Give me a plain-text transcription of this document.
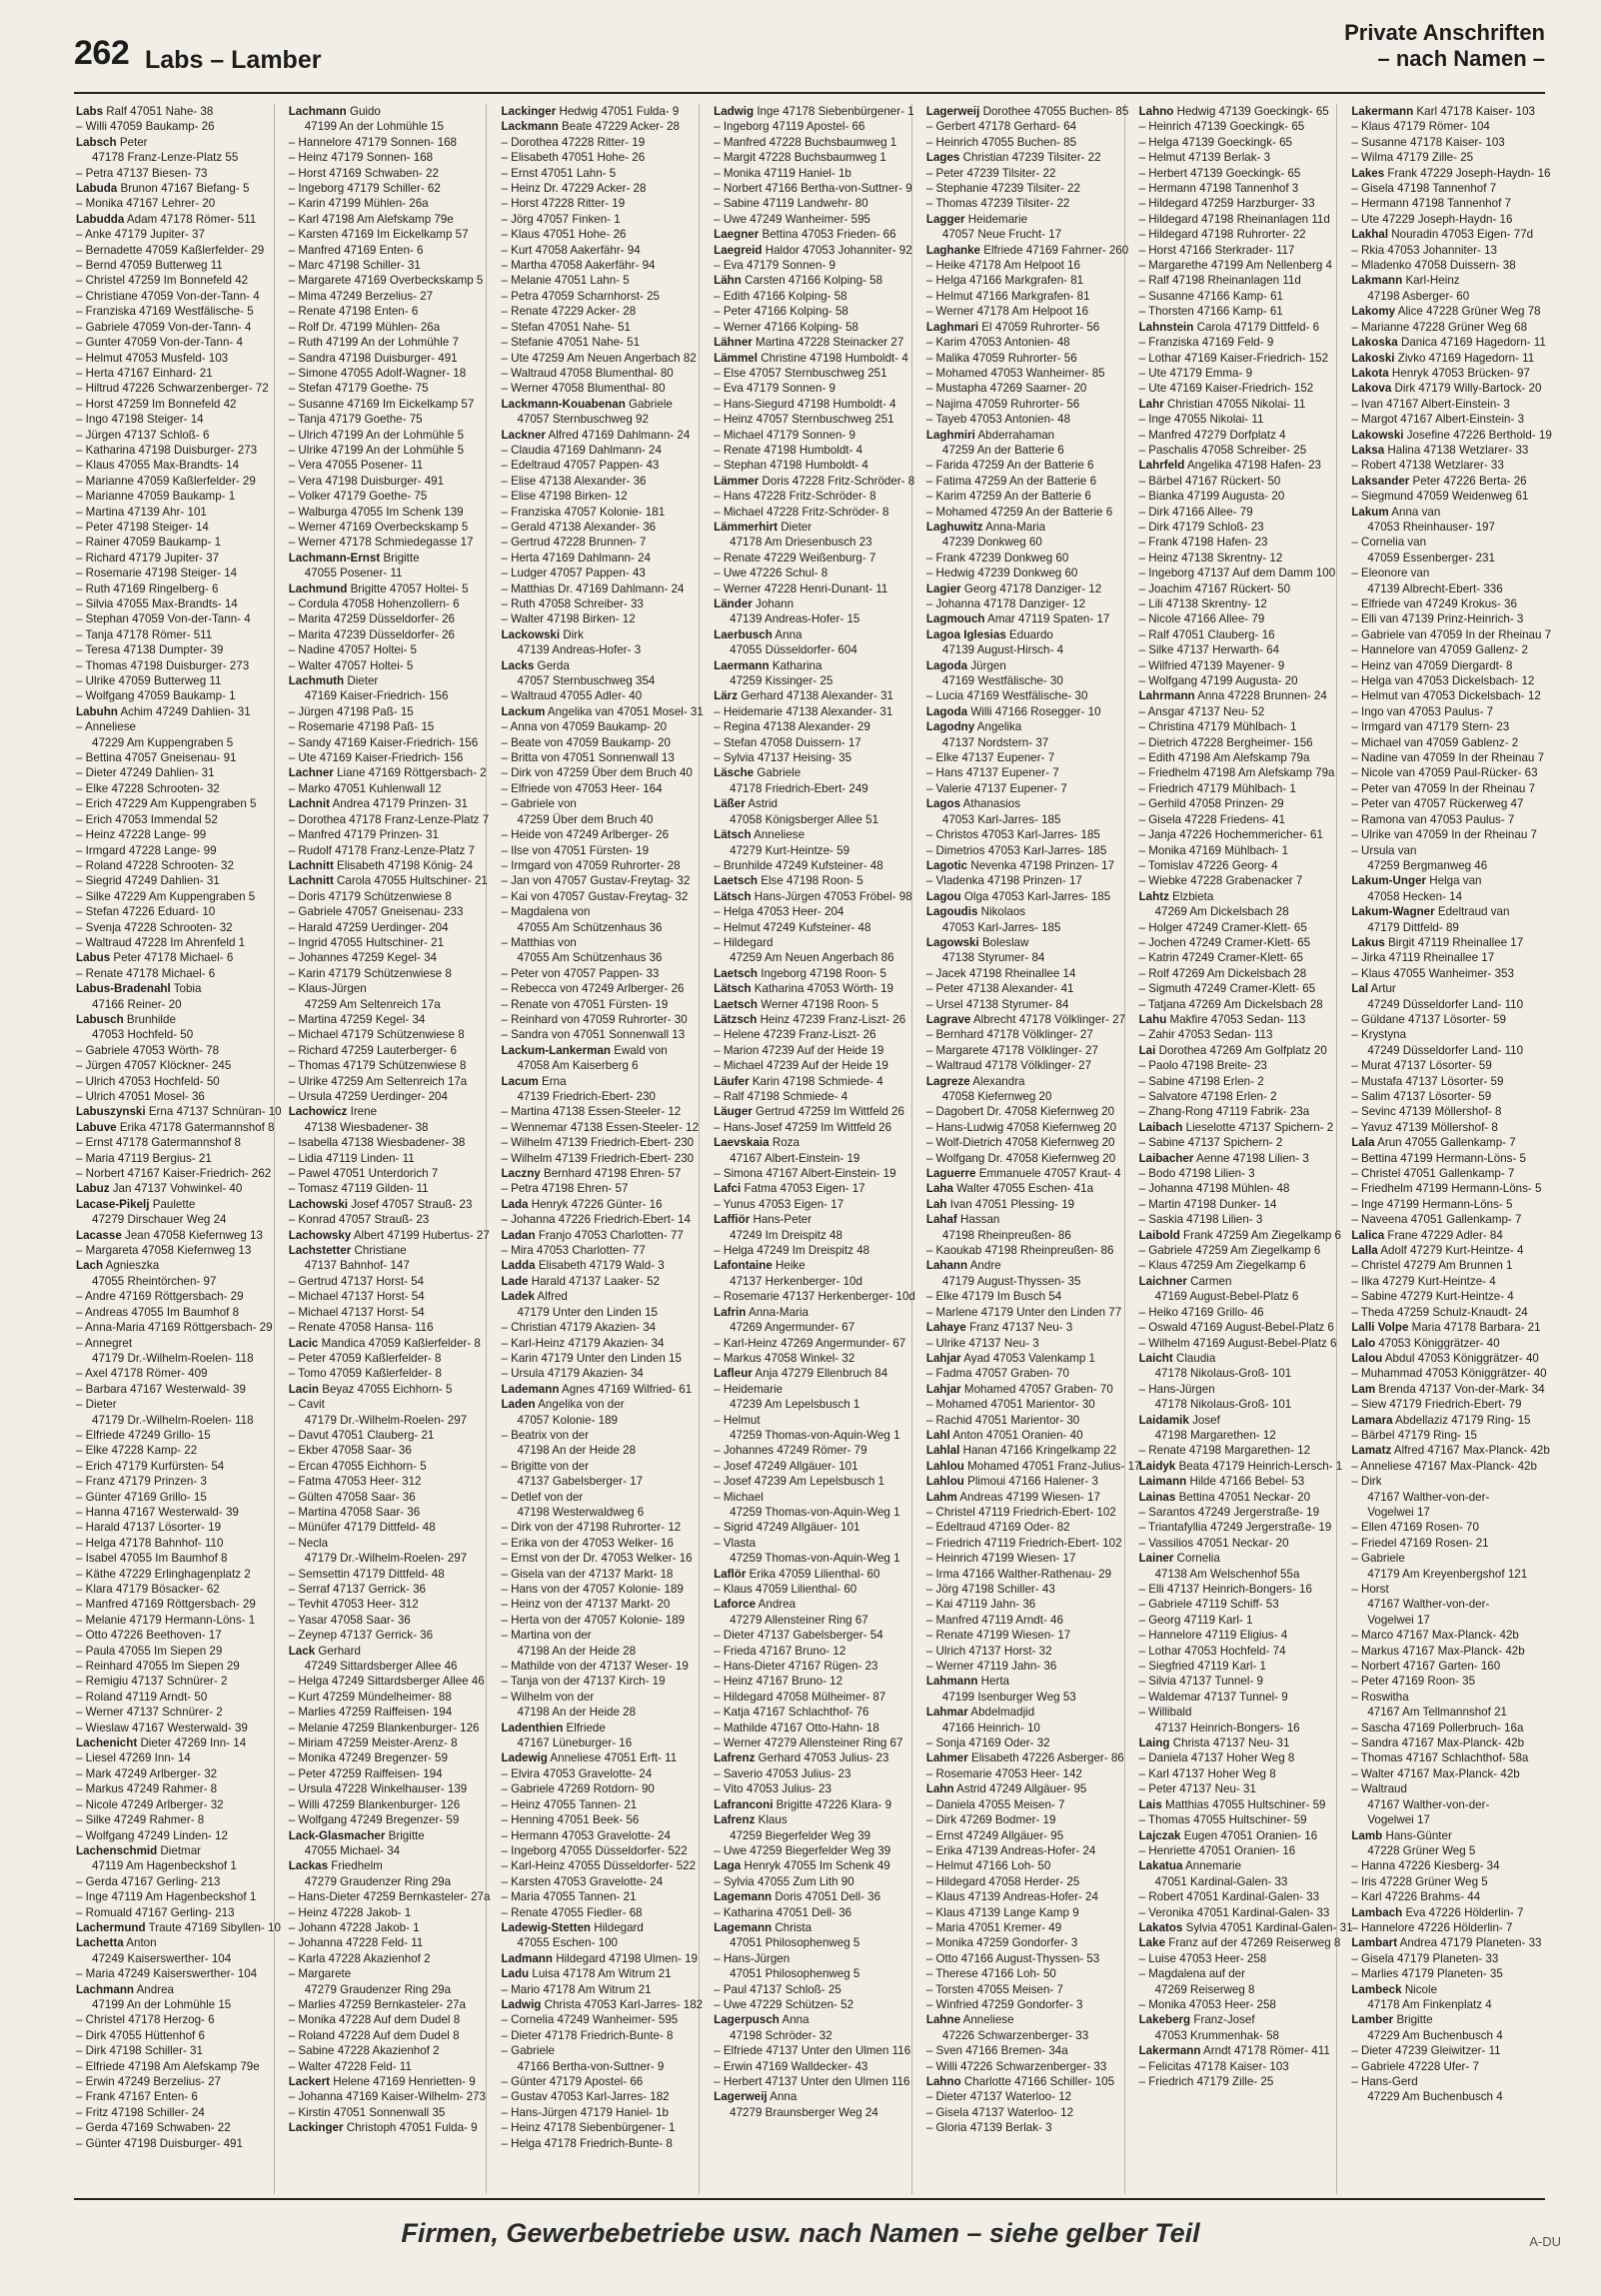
262 Labs – Lamber
Private Anschriften
– nach Namen –
Labs Ralf 47051 Nahe- 38
– Willi 47059 Baukamp- 26
Labsch Peter
47178 Franz-Lenze-Platz 55
– Petra 47137 Biesen- 73
Labuda Brunon 47167 Biefang- 5
– Monika 47167 Lehrer- 20
Labudda Adam 47178 Römer- 511
– Anke 47179 Jupiter- 37
– Bernadette 47059 Kaßlerfelder- 29
– Bernd 47059 Butterweg 11
– Christel 47259 Im Bonnefeld 42
– Christiane 47059 Von-der-Tann- 4
– Franziska 47169 Westfälische- 5
– Gabriele 47059 Von-der-Tann- 4
– Gunter 47059 Von-der-Tann- 4
– Helmut 47053 Musfeld- 103
– Herta 47167 Einhard- 21
– Hiltrud 47226 Schwarzenberger- 72
– Horst 47259 Im Bonnefeld 42
– Ingo 47198 Steiger- 14
– Jürgen 47137 Schloß- 6
– Katharina 47198 Duisburger- 273
– Klaus 47055 Max-Brandts- 14
– Marianne 47059 Kaßlerfelder- 29
– Marianne 47059 Baukamp- 1
– Martina 47139 Ahr- 101
– Peter 47198 Steiger- 14
– Rainer 47059 Baukamp- 1
– Richard 47179 Jupiter- 37
– Rosemarie 47198 Steiger- 14
– Ruth 47169 Ringelberg- 6
– Silvia 47055 Max-Brandts- 14
– Stephan 47059 Von-der-Tann- 4
– Tanja 47178 Römer- 511
– Teresa 47138 Dumpter- 39
– Thomas 47198 Duisburger- 273
– Ulrike 47059 Butterweg 11
– Wolfgang 47059 Baukamp- 1
Labuhn Achim 47249 Dahlien- 31
– Anneliese
47229 Am Kuppengraben 5
– Bettina 47057 Gneisenau- 91
– Dieter 47249 Dahlien- 31
– Elke 47228 Schrooten- 32
– Erich 47229 Am Kuppengraben 5
– Erich 47053 Immendal 52
– Heinz 47228 Lange- 99
– Irmgard 47228 Lange- 99
– Roland 47228 Schrooten- 32
– Siegrid 47249 Dahlien- 31
– Silke 47229 Am Kuppengraben 5
– Stefan 47226 Eduard- 10
– Svenja 47228 Schrooten- 32
– Waltraud 47228 Im Ahrenfeld 1
Labus Peter 47178 Michael- 6
– Renate 47178 Michael- 6
Labus-Bradenahl Tobia
47166 Reiner- 20
Labusch Brunhilde
47053 Hochfeld- 50
– Gabriele 47053 Wörth- 78
– Jürgen 47057 Klöckner- 245
– Ulrich 47053 Hochfeld- 50
– Ulrich 47051 Mosel- 36
Labuszynski Erna 47137 Schnüran- 10
Labuve Erika 47178 Gatermannshof 8
– Ernst 47178 Gatermannshof 8
– Maria 47119 Bergius- 21
– Norbert 47167 Kaiser-Friedrich- 262
Labuz Jan 47137 Vohwinkel- 40
Lacase-Pikelj Paulette
47279 Dirschauer Weg 24
Lacasse Jean 47058 Kiefernweg 13
– Margareta 47058 Kiefernweg 13
Lach Agnieszka
47055 Rheintörchen- 97
– Andre 47169 Röttgersbach- 29
– Andreas 47055 Im Baumhof 8
– Anna-Maria 47169 Röttgersbach- 29
– Annegret
47179 Dr.-Wilhelm-Roelen- 118
– Axel 47178 Römer- 409
– Barbara 47167 Westerwald- 39
– Dieter
47179 Dr.-Wilhelm-Roelen- 118
– Elfriede 47249 Grillo- 15
– Elke 47228 Kamp- 22
– Erich 47179 Kurfürsten- 54
– Franz 47179 Prinzen- 3
– Günter 47169 Grillo- 15
– Hanna 47167 Westerwald- 39
– Harald 47137 Lösorter- 19
– Helga 47178 Bahnhof- 110
– Isabel 47055 Im Baumhof 8
– Käthe 47229 Erlinghagenplatz 2
– Klara 47179 Bösacker- 62
– Manfred 47169 Röttgersbach- 29
– Melanie 47179 Hermann-Löns- 1
– Otto 47226 Beethoven- 17
– Paula 47055 Im Siepen 29
– Reinhard 47055 Im Siepen 29
– Remigiu 47137 Schnürer- 2
– Roland 47119 Arndt- 50
– Werner 47137 Schnürer- 2
– Wieslaw 47167 Westerwald- 39
Lachenicht Dieter 47269 Inn- 14
– Liesel 47269 Inn- 14
– Mark 47249 Arlberger- 32
– Markus 47249 Rahmer- 8
– Nicole 47249 Arlberger- 32
– Silke 47249 Rahmer- 8
– Wolfgang 47249 Linden- 12
Lachenschmid Dietmar
47119 Am Hagenbeckshof 1
– Gerda 47167 Gerling- 213
– Inge 47119 Am Hagenbeckshof 1
– Romuald 47167 Gerling- 213
Lachermund Traute 47169 Sibyllen- 10
Lachetta Anton
47249 Kaiserswerther- 104
– Maria 47249 Kaiserswerther- 104
Lachmann Andrea
47199 An der Lohmühle 15
– Christel 47178 Herzog- 6
– Dirk 47055 Hüttenhof 6
– Dirk 47198 Schiller- 31
– Elfriede 47198 Am Alefskamp 79e
– Erwin 47249 Berzelius- 27
– Frank 47167 Enten- 6
– Fritz 47198 Schiller- 24
– Gerda 47169 Schwaben- 22
– Günter 47198 Duisburger- 491
Lachmann Guido
47199 An der Lohmühle 15
– Hannelore 47179 Sonnen- 168
– Heinz 47179 Sonnen- 168
– Horst 47169 Schwaben- 22
– Ingeborg 47179 Schiller- 62
– Karin 47199 Mühlen- 26a
– Karl 47198 Am Alefskamp 79e
– Karsten 47169 Im Eickelkamp 57
– Manfred 47169 Enten- 6
– Marc 47198 Schiller- 31
– Margarete 47169 Overbeckskamp 5
– Mima 47249 Berzelius- 27
– Renate 47198 Enten- 6
– Rolf Dr. 47199 Mühlen- 26a
– Ruth 47199 An der Lohmühle 7
– Sandra 47198 Duisburger- 491
– Simone 47055 Adolf-Wagner- 18
– Stefan 47179 Goethe- 75
– Susanne 47169 Im Eickelkamp 57
– Tanja 47179 Goethe- 75
– Ulrich 47199 An der Lohmühle 5
– Ulrike 47199 An der Lohmühle 5
– Vera 47055 Posener- 11
– Vera 47198 Duisburger- 491
– Volker 47179 Goethe- 75
– Walburga 47055 Im Schenk 139
– Werner 47169 Overbeckskamp 5
– Werner 47178 Schmiedegasse 17
Lachmann-Ernst Brigitte
47055 Posener- 11
Lachmund Brigitte 47057 Holtei- 5
– Cordula 47058 Hohenzollern- 6
– Marita 47259 Düsseldorfer- 26
– Marita 47239 Düsseldorfer- 26
– Nadine 47057 Holtei- 5
– Walter 47057 Holtei- 5
Lachmuth Dieter
47169 Kaiser-Friedrich- 156
– Jürgen 47198 Paß- 15
– Rosemarie 47198 Paß- 15
– Sandy 47169 Kaiser-Friedrich- 156
– Ute 47169 Kaiser-Friedrich- 156
Lachner Liane 47169 Röttgersbach- 2
– Marko 47051 Kuhlenwall 12
Lachnit Andrea 47179 Prinzen- 31
– Dorothea 47178 Franz-Lenze-Platz 7
– Manfred 47179 Prinzen- 31
– Rudolf 47178 Franz-Lenze-Platz 7
Lachnitt Elisabeth 47198 König- 24
Lachnitt Carola 47055 Hultschiner- 21
– Doris 47179 Schützenwiese 8
– Gabriele 47057 Gneisenau- 233
– Harald 47259 Uerdinger- 204
– Ingrid 47055 Hultschiner- 21
– Johannes 47259 Kegel- 34
– Karin 47179 Schützenwiese 8
– Klaus-Jürgen
47259 Am Seltenreich 17a
– Martina 47259 Kegel- 34
– Michael 47179 Schützenwiese 8
– Richard 47259 Lauterberger- 6
– Thomas 47179 Schützenwiese 8
– Ulrike 47259 Am Seltenreich 17a
– Ursula 47259 Uerdinger- 204
Lachowicz Irene
47138 Wiesbadener- 38
– Isabella 47138 Wiesbadener- 38
– Lidia 47119 Linden- 11
– Pawel 47051 Unterdorich 7
– Tomasz 47119 Gilden- 11
Lachowski Josef 47057 Strauß- 23
– Konrad 47057 Strauß- 23
Lachowsky Albert 47199 Hubertus- 27
Lachstetter Christiane
47137 Bahnhof- 147
– Gertrud 47137 Horst- 54
– Michael 47137 Horst- 54
– Michael 47137 Horst- 54
– Renate 47058 Hansa- 116
Lacic Mandica 47059 Kaßlerfelder- 8
– Peter 47059 Kaßlerfelder- 8
– Tomo 47059 Kaßlerfelder- 8
Lacin Beyaz 47055 Eichhorn- 5
– Cavit
47179 Dr.-Wilhelm-Roelen- 297
– Davut 47051 Clauberg- 21
– Ekber 47058 Saar- 36
– Ercan 47055 Eichhorn- 5
– Fatma 47053 Heer- 312
– Gülten 47058 Saar- 36
– Martina 47058 Saar- 36
– Münüfer 47179 Dittfeld- 48
– Necla
47179 Dr.-Wilhelm-Roelen- 297
– Semsettin 47179 Dittfeld- 48
– Serraf 47137 Gerrick- 36
– Tevhit 47053 Heer- 312
– Yasar 47058 Saar- 36
– Zeynep 47137 Gerrick- 36
Lack Gerhard
47249 Sittardsberger Allee 46
– Helga 47249 Sittardsberger Allee 46
– Kurt 47259 Mündelheimer- 88
– Marlies 47259 Raiffeisen- 194
– Melanie 47259 Blankenburger- 126
– Miriam 47259 Meister-Arenz- 8
– Monika 47249 Bregenzer- 59
– Peter 47259 Raiffeisen- 194
– Ursula 47228 Winkelhauser- 139
– Willi 47259 Blankenburger- 126
– Wolfgang 47249 Bregenzer- 59
Lack-Glasmacher Brigitte
47055 Michael- 34
Lackas Friedhelm
47279 Graudenzer Ring 29a
– Hans-Dieter 47259 Bernkasteler- 27a
– Heinz 47228 Jakob- 1
– Johann 47228 Jakob- 1
– Johanna 47228 Feld- 11
– Karla 47228 Akazienhof 2
– Margarete
47279 Graudenzer Ring 29a
– Marlies 47259 Bernkasteler- 27a
– Monika 47228 Auf dem Dudel 8
– Roland 47228 Auf dem Dudel 8
– Sabine 47228 Akazienhof 2
– Walter 47228 Feld- 11
Lackert Helene 47169 Henrietten- 9
– Johanna 47169 Kaiser-Wilhelm- 273
– Kirstin 47051 Sonnenwall 35
Lackinger Christoph 47051 Fulda- 9
Lackinger Hedwig 47051 Fulda- 9
Lackmann Beate 47229 Acker- 28
– Dorothea 47228 Ritter- 19
– Elisabeth 47051 Hohe- 26
– Ernst 47051 Lahn- 5
– Heinz Dr. 47229 Acker- 28
– Horst 47228 Ritter- 19
– Jörg 47057 Finken- 1
– Klaus 47051 Hohe- 26
– Kurt 47058 Aakerfähr- 94
– Martha 47058 Aakerfähr- 94
– Melanie 47051 Lahn- 5
– Petra 47059 Scharnhorst- 25
– Renate 47229 Acker- 28
– Stefan 47051 Nahe- 51
– Stefanie 47051 Nahe- 51
– Ute 47259 Am Neuen Angerbach 82
– Waltraud 47058 Blumenthal- 80
– Werner 47058 Blumenthal- 80
Lackmann-Kouabenan Gabriele
47057 Sternbuschweg 92
Lackner Alfred 47169 Dahlmann- 24
– Claudia 47169 Dahlmann- 24
– Edeltraud 47057 Pappen- 43
– Elise 47138 Alexander- 36
– Elise 47198 Birken- 12
– Franziska 47057 Kolonie- 181
– Gerald 47138 Alexander- 36
– Gertrud 47228 Brunnen- 7
– Herta 47169 Dahlmann- 24
– Ludger 47057 Pappen- 43
– Matthias Dr. 47169 Dahlmann- 24
– Ruth 47058 Schreiber- 33
– Walter 47198 Birken- 12
Lackowski Dirk
47139 Andreas-Hofer- 3
Lacks Gerda
47057 Sternbuschweg 354
– Waltraud 47055 Adler- 40
Lackum Angelika van 47051 Mosel- 31
– Anna von 47059 Baukamp- 20
– Beate von 47059 Baukamp- 20
– Britta von 47051 Sonnenwall 13
– Dirk von 47259 Über dem Bruch 40
– Elfriede von 47053 Heer- 164
– Gabriele von
47259 Über dem Bruch 40
– Heide von 47249 Arlberger- 26
– Ilse von 47051 Fürsten- 19
– Irmgard von 47059 Ruhrorter- 28
– Jan von 47057 Gustav-Freytag- 32
– Kai von 47057 Gustav-Freytag- 32
– Magdalena von
47055 Am Schützenhaus 36
– Matthias von
47055 Am Schützenhaus 36
– Peter von 47057 Pappen- 33
– Rebecca von 47249 Arlberger- 26
– Renate von 47051 Fürsten- 19
– Reinhard von 47059 Ruhrorter- 30
– Sandra von 47051 Sonnenwall 13
Lackum-Lankerman Ewald von
47058 Am Kaiserberg 6
Lacum Erna
47139 Friedrich-Ebert- 230
– Martina 47138 Essen-Steeler- 12
– Wennemar 47138 Essen-Steeler- 12
– Wilhelm 47139 Friedrich-Ebert- 230
– Wilhelm 47139 Friedrich-Ebert- 230
Laczny Bernhard 47198 Ehren- 57
– Petra 47198 Ehren- 57
Lada Henryk 47226 Günter- 16
– Johanna 47226 Friedrich-Ebert- 14
Ladan Franjo 47053 Charlotten- 77
– Mira 47053 Charlotten- 77
Ladda Elisabeth 47179 Wald- 3
Lade Harald 47137 Laaker- 52
Ladek Alfred
47179 Unter den Linden 15
– Christian 47179 Akazien- 34
– Karl-Heinz 47179 Akazien- 34
– Karin 47179 Unter den Linden 15
– Ursula 47179 Akazien- 34
Lademann Agnes 47169 Wilfried- 61
Laden Angelika von der
47057 Kolonie- 189
– Beatrix von der
47198 An der Heide 28
– Brigitte von der
47137 Gabelsberger- 17
– Detlef von der
47198 Westerwaldweg 6
– Dirk von der 47198 Ruhrorter- 12
– Erika von der 47053 Welker- 16
– Ernst von der Dr. 47053 Welker- 16
– Gisela van der 47137 Markt- 18
– Hans von der 47057 Kolonie- 189
– Heinz von der 47137 Markt- 20
– Herta von der 47057 Kolonie- 189
– Martina von der
47198 An der Heide 28
– Mathilde von der 47137 Weser- 19
– Tanja von der 47137 Kirch- 19
– Wilhelm von der
47198 An der Heide 28
Ladenthien Elfriede
47167 Lüneburger- 16
Ladewig Anneliese 47051 Erft- 11
– Elvira 47053 Gravelotte- 24
– Gabriele 47269 Rotdorn- 90
– Heinz 47055 Tannen- 21
– Henning 47051 Beek- 56
– Hermann 47053 Gravelotte- 24
– Ingeborg 47055 Düsseldorfer- 522
– Karl-Heinz 47055 Düsseldorfer- 522
– Karsten 47053 Gravelotte- 24
– Maria 47055 Tannen- 21
– Renate 47055 Fiedler- 68
Ladewig-Stetten Hildegard
47055 Eschen- 100
Ladmann Hildegard 47198 Ulmen- 19
Ladu Luisa 47178 Am Witrum 21
– Mario 47178 Am Witrum 21
Ladwig Christa 47053 Karl-Jarres- 182
– Cornelia 47249 Wanheimer- 595
– Dieter 47178 Friedrich-Bunte- 8
– Gabriele
47166 Bertha-von-Suttner- 9
– Günter 47179 Apostel- 66
– Gustav 47053 Karl-Jarres- 182
– Hans-Jürgen 47179 Haniel- 1b
– Heinz 47178 Siebenbürgener- 1
– Helga 47178 Friedrich-Bunte- 8
Ladwig Inge 47178 Siebenbürgener- 1
– Ingeborg 47119 Apostel- 66
– Manfred 47228 Buchsbaumweg 1
– Margit 47228 Buchsbaumweg 1
– Monika 47119 Haniel- 1b
– Norbert 47166 Bertha-von-Suttner- 9
– Sabine 47119 Landwehr- 80
– Uwe 47249 Wanheimer- 595
Laegner Bettina 47053 Frieden- 66
Laegreid Haldor 47053 Johanniter- 92
– Eva 47179 Sonnen- 9
Lähn Carsten 47166 Kolping- 58
– Edith 47166 Kolping- 58
– Peter 47166 Kolping- 58
– Werner 47166 Kolping- 58
Lähner Martina 47228 Steinacker 27
Lämmel Christine 47198 Humboldt- 4
– Else 47057 Sternbuschweg 251
– Eva 47179 Sonnen- 9
– Hans-Siegurd 47198 Humboldt- 4
– Heinz 47057 Sternbuschweg 251
– Michael 47179 Sonnen- 9
– Renate 47198 Humboldt- 4
– Stephan 47198 Humboldt- 4
Lämmer Doris 47228 Fritz-Schröder- 8
– Hans 47228 Fritz-Schröder- 8
– Michael 47228 Fritz-Schröder- 8
Lämmerhirt Dieter
47178 Am Driesenbusch 23
– Renate 47229 Weißenburg- 7
– Uwe 47226 Schul- 8
– Werner 47228 Henri-Dunant- 11
Länder Johann
47139 Andreas-Hofer- 15
Laerbusch Anna
47055 Düsseldorfer- 604
Laermann Katharina
47259 Kissinger- 25
Lärz Gerhard 47138 Alexander- 31
– Heidemarie 47138 Alexander- 31
– Regina 47138 Alexander- 29
– Stefan 47058 Duissern- 17
– Sylvia 47137 Heising- 35
Läsche Gabriele
47178 Friedrich-Ebert- 249
Läßer Astrid
47058 Königsberger Allee 51
Lätsch Anneliese
47279 Kurt-Heintze- 59
– Brunhilde 47249 Kufsteiner- 48
Laetsch Else 47198 Roon- 5
Lätsch Hans-Jürgen 47053 Fröbel- 98
– Helga 47053 Heer- 204
– Helmut 47249 Kufsteiner- 48
– Hildegard
47259 Am Neuen Angerbach 86
Laetsch Ingeborg 47198 Roon- 5
Lätsch Katharina 47053 Wörth- 19
Laetsch Werner 47198 Roon- 5
Lätzsch Heinz 47239 Franz-Liszt- 26
– Helene 47239 Franz-Liszt- 26
– Marion 47239 Auf der Heide 19
– Michael 47239 Auf der Heide 19
Läufer Karin 47198 Schmiede- 4
– Ralf 47198 Schmiede- 4
Läuger Gertrud 47259 Im Wittfeld 26
– Hans-Josef 47259 Im Wittfeld 26
Laevskaia Roza
47167 Albert-Einstein- 19
– Simona 47167 Albert-Einstein- 19
Lafci Fatma 47053 Eigen- 17
– Yunus 47053 Eigen- 17
Laffiör Hans-Peter
47249 Im Dreispitz 48
– Helga 47249 Im Dreispitz 48
Lafontaine Heike
47137 Herkenberger- 10d
– Rosemarie 47137 Herkenberger- 10d
Lafrin Anna-Maria
47269 Angermunder- 67
– Karl-Heinz 47269 Angermunder- 67
– Markus 47058 Winkel- 32
Lafleur Anja 47279 Ellenbruch 84
– Heidemarie
47239 Am Lepelsbusch 1
– Helmut
47259 Thomas-von-Aquin-Weg 1
– Johannes 47249 Römer- 79
– Josef 47249 Allgäuer- 101
– Josef 47239 Am Lepelsbusch 1
– Michael
47259 Thomas-von-Aquin-Weg 1
– Sigrid 47249 Allgäuer- 101
– Vlasta
47259 Thomas-von-Aquin-Weg 1
Laflör Erika 47059 Lilienthal- 60
– Klaus 47059 Lilienthal- 60
Laforce Andrea
47279 Allensteiner Ring 67
– Dieter 47137 Gabelsberger- 54
– Frieda 47167 Bruno- 12
– Hans-Dieter 47167 Rügen- 23
– Heinz 47167 Bruno- 12
– Hildegard 47058 Mülheimer- 87
– Katja 47167 Schlachthof- 76
– Mathilde 47167 Otto-Hahn- 18
– Werner 47279 Allensteiner Ring 67
Lafrenz Gerhard 47053 Julius- 23
– Saverio 47053 Julius- 23
– Vito 47053 Julius- 23
Lafranconi Brigitte 47226 Klara- 9
Lafrenz Klaus
47259 Biegerfelder Weg 39
– Uwe 47259 Biegerfelder Weg 39
Laga Henryk 47055 Im Schenk 49
– Sylvia 47055 Zum Lith 90
Lagemann Doris 47051 Dell- 36
– Katharina 47051 Dell- 36
Lagemann Christa
47051 Philosophenweg 5
– Hans-Jürgen
47051 Philosophenweg 5
– Paul 47137 Schloß- 25
– Uwe 47229 Schützen- 52
Lagerpusch Anna
47198 Schröder- 32
– Elfriede 47137 Unter den Ulmen 116
– Erwin 47169 Walldecker- 43
– Herbert 47137 Unter den Ulmen 116
Lagerweij Anna
47279 Braunsberger Weg 24
Lagerweij Dorothee 47055 Buchen- 85
– Gerbert 47178 Gerhard- 64
– Heinrich 47055 Buchen- 85
Lages Christian 47239 Tilsiter- 22
– Peter 47239 Tilsiter- 22
– Stephanie 47239 Tilsiter- 22
– Thomas 47239 Tilsiter- 22
Lagger Heidemarie
47057 Neue Frucht- 17
Laghanke Elfriede 47169 Fahrner- 260
– Heike 47178 Am Helpoot 16
– Helga 47166 Markgrafen- 81
– Helmut 47166 Markgrafen- 81
– Werner 47178 Am Helpoot 16
Laghmari El 47059 Ruhrorter- 56
– Karim 47053 Antonien- 48
– Malika 47059 Ruhrorter- 56
– Mohamed 47053 Wanheimer- 85
– Mustapha 47269 Saarner- 20
– Najima 47059 Ruhrorter- 56
– Tayeb 47053 Antonien- 48
Laghmiri Abderrahaman
47259 An der Batterie 6
– Farida 47259 An der Batterie 6
– Fatima 47259 An der Batterie 6
– Karim 47259 An der Batterie 6
– Mohamed 47259 An der Batterie 6
Laghuwitz Anna-Maria
47239 Donkweg 60
– Frank 47239 Donkweg 60
– Hedwig 47239 Donkweg 60
Lagier Georg 47178 Danziger- 12
– Johanna 47178 Danziger- 12
Lagmouch Amar 47119 Spaten- 17
Lagoa Iglesias Eduardo
47139 August-Hirsch- 4
Lagoda Jürgen
47169 Westfälische- 30
– Lucia 47169 Westfälische- 30
Lagoda Willi 47166 Rosegger- 10
Lagodny Angelika
47137 Nordstern- 37
– Elke 47137 Eupener- 7
– Hans 47137 Eupener- 7
– Valerie 47137 Eupener- 7
Lagos Athanasios
47053 Karl-Jarres- 185
– Christos 47053 Karl-Jarres- 185
– Dimetrios 47053 Karl-Jarres- 185
Lagotic Nevenka 47198 Prinzen- 17
– Vladenka 47198 Prinzen- 17
Lagou Olga 47053 Karl-Jarres- 185
Lagoudis Nikolaos
47053 Karl-Jarres- 185
Lagowski Boleslaw
47138 Styrumer- 84
– Jacek 47198 Rheinallee 14
– Peter 47138 Alexander- 41
– Ursel 47138 Styrumer- 84
Lagrave Albrecht 47178 Völklinger- 27
– Bernhard 47178 Völklinger- 27
– Margarete 47178 Völklinger- 27
– Waltraud 47178 Völklinger- 27
Lagreze Alexandra
47058 Kiefernweg 20
– Dagobert Dr. 47058 Kiefernweg 20
– Hans-Ludwig 47058 Kiefernweg 20
– Wolf-Dietrich 47058 Kiefernweg 20
– Wolfgang Dr. 47058 Kiefernweg 20
Laguerre Emmanuele 47057 Kraut- 4
Laha Walter 47055 Eschen- 41a
Lah Ivan 47051 Plessing- 19
Lahaf Hassan
47198 Rheinpreußen- 86
– Kaoukab 47198 Rheinpreußen- 86
Lahann Andre
47179 August-Thyssen- 35
– Elke 47179 Im Busch 54
– Marlene 47179 Unter den Linden 77
Lahaye Franz 47137 Neu- 3
– Ulrike 47137 Neu- 3
Lahjar Ayad 47053 Valenkamp 1
– Fadma 47057 Graben- 70
Lahjar Mohamed 47057 Graben- 70
– Mohamed 47051 Marientor- 30
– Rachid 47051 Marientor- 30
Lahl Anton 47051 Oranien- 40
Lahlal Hanan 47166 Kringelkamp 22
Lahlou Mohamed 47051 Franz-Julius- 17
Lahlou Plimoui 47166 Halener- 3
Lahm Andreas 47199 Wiesen- 17
– Christel 47119 Friedrich-Ebert- 102
– Edeltraud 47169 Oder- 82
– Friedrich 47119 Friedrich-Ebert- 102
– Heinrich 47199 Wiesen- 17
– Irma 47166 Walther-Rathenau- 29
– Jörg 47198 Schiller- 43
– Kai 47119 Jahn- 36
– Manfred 47119 Arndt- 46
– Renate 47199 Wiesen- 17
– Ulrich 47137 Horst- 32
– Werner 47119 Jahn- 36
Lahmann Herta
47199 Isenburger Weg 53
Lahmar Abdelmadjid
47166 Heinrich- 10
– Sonja 47169 Oder- 32
Lahmer Elisabeth 47226 Asberger- 86
– Rosemarie 47053 Heer- 142
Lahn Astrid 47249 Allgäuer- 95
– Daniela 47055 Meisen- 7
– Dirk 47269 Bodmer- 19
– Ernst 47249 Allgäuer- 95
– Erika 47139 Andreas-Hofer- 24
– Helmut 47166 Loh- 50
– Hildegard 47058 Herder- 25
– Klaus 47139 Andreas-Hofer- 24
– Klaus 47139 Lange Kamp 9
– Maria 47051 Kremer- 49
– Monika 47259 Gondorfer- 3
– Otto 47166 August-Thyssen- 53
– Therese 47166 Loh- 50
– Torsten 47055 Meisen- 7
– Winfried 47259 Gondorfer- 3
Lahne Anneliese
47226 Schwarzenberger- 33
– Sven 47166 Bremen- 34a
– Willi 47226 Schwarzenberger- 33
Lahno Charlotte 47166 Schiller- 105
– Dieter 47137 Waterloo- 12
– Gisela 47137 Waterloo- 12
– Gloria 47139 Berlak- 3
Lahno Hedwig 47139 Goeckingk- 65
– Heinrich 47139 Goeckingk- 65
– Helga 47139 Goeckingk- 65
– Helmut 47139 Berlak- 3
– Herbert 47139 Goeckingk- 65
– Hermann 47198 Tannenhof 3
– Hildegard 47259 Harzburger- 33
– Hildegard 47198 Rheinanlagen 11d
– Hildegard 47198 Ruhrorter- 22
– Horst 47166 Sterkrader- 117
– Margarethe 47199 Am Nellenberg 4
– Ralf 47198 Rheinanlagen 11d
– Susanne 47166 Kamp- 61
– Thorsten 47166 Kamp- 61
Lahnstein Carola 47179 Dittfeld- 6
– Franziska 47169 Feld- 9
– Lothar 47169 Kaiser-Friedrich- 152
– Ute 47179 Emma- 9
– Ute 47169 Kaiser-Friedrich- 152
Lahr Christian 47055 Nikolai- 11
– Inge 47055 Nikolai- 11
– Manfred 47279 Dorfplatz 4
– Paschalis 47058 Schreiber- 25
Lahrfeld Angelika 47198 Hafen- 23
– Bärbel 47167 Rückert- 50
– Bianka 47199 Augusta- 20
– Dirk 47166 Allee- 79
– Dirk 47179 Schloß- 23
– Frank 47198 Hafen- 23
– Heinz 47138 Skrentny- 12
– Ingeborg 47137 Auf dem Damm 100
– Joachim 47167 Rückert- 50
– Lili 47138 Skrentny- 12
– Nicole 47166 Allee- 79
– Ralf 47051 Clauberg- 16
– Silke 47137 Herwarth- 64
– Wilfried 47139 Mayener- 9
– Wolfgang 47199 Augusta- 20
Lahrmann Anna 47228 Brunnen- 24
– Ansgar 47137 Neu- 52
– Christina 47179 Mühlbach- 1
– Dietrich 47228 Bergheimer- 156
– Edith 47198 Am Alefskamp 79a
– Friedhelm 47198 Am Alefskamp 79a
– Friedrich 47179 Mühlbach- 1
– Gerhild 47058 Prinzen- 29
– Gisela 47228 Friedens- 41
– Janja 47226 Hochemmericher- 61
– Monika 47169 Mühlbach- 1
– Tomislav 47226 Georg- 4
– Wiebke 47228 Grabenacker 7
Lahtz Elzbieta
47269 Am Dickelsbach 28
– Holger 47249 Cramer-Klett- 65
– Jochen 47249 Cramer-Klett- 65
– Katrin 47249 Cramer-Klett- 65
– Rolf 47269 Am Dickelsbach 28
– Sigmuth 47249 Cramer-Klett- 65
– Tatjana 47269 Am Dickelsbach 28
Lahu Makfire 47053 Sedan- 113
– Zahir 47053 Sedan- 113
Lai Dorothea 47269 Am Golfplatz 20
– Paolo 47198 Breite- 23
– Sabine 47198 Erlen- 2
– Salvatore 47198 Erlen- 2
– Zhang-Rong 47119 Fabrik- 23a
Laibach Lieselotte 47137 Spichern- 2
– Sabine 47137 Spichern- 2
Laibacher Aenne 47198 Lilien- 3
– Bodo 47198 Lilien- 3
– Johanna 47198 Mühlen- 48
– Martin 47198 Dunker- 14
– Saskia 47198 Lilien- 3
Laibold Frank 47259 Am Ziegelkamp 6
– Gabriele 47259 Am Ziegelkamp 6
– Klaus 47259 Am Ziegelkamp 6
Laichner Carmen
47169 August-Bebel-Platz 6
– Heiko 47169 Grillo- 46
– Oswald 47169 August-Bebel-Platz 6
– Wilhelm 47169 August-Bebel-Platz 6
Laicht Claudia
47178 Nikolaus-Groß- 101
– Hans-Jürgen
47178 Nikolaus-Groß- 101
Laidamik Josef
47198 Margarethen- 12
– Renate 47198 Margarethen- 12
Laidyk Beata 47179 Heinrich-Lersch- 1
Laimann Hilde 47166 Bebel- 53
Lainas Bettina 47051 Neckar- 20
– Sarantos 47249 Jergerstraße- 19
– Triantafyllia 47249 Jergerstraße- 19
– Vassilios 47051 Neckar- 20
Lainer Cornelia
47138 Am Welschenhof 55a
– Elli 47137 Heinrich-Bongers- 16
– Gabriele 47119 Schiff- 53
– Georg 47119 Karl- 1
– Hannelore 47119 Eligius- 4
– Lothar 47053 Hochfeld- 74
– Siegfried 47119 Karl- 1
– Silvia 47137 Tunnel- 9
– Waldemar 47137 Tunnel- 9
– Willibald
47137 Heinrich-Bongers- 16
Laing Christa 47137 Neu- 31
– Daniela 47137 Hoher Weg 8
– Karl 47137 Hoher Weg 8
– Peter 47137 Neu- 31
Lais Matthias 47055 Hultschiner- 59
– Thomas 47055 Hultschiner- 59
Lajczak Eugen 47051 Oranien- 16
– Henriette 47051 Oranien- 16
Lakatua Annemarie
47051 Kardinal-Galen- 33
– Robert 47051 Kardinal-Galen- 33
– Veronika 47051 Kardinal-Galen- 33
Lakatos Sylvia 47051 Kardinal-Galen- 31
Lake Franz auf der 47269 Reiserweg 8
– Luise 47053 Heer- 258
– Magdalena auf der
47269 Reiserweg 8
– Monika 47053 Heer- 258
Lakeberg Franz-Josef
47053 Krummenhak- 58
Lakermann Arndt 47178 Römer- 411
– Felicitas 47178 Kaiser- 103
– Friedrich 47179 Zille- 25
Lakermann Karl 47178 Kaiser- 103
– Klaus 47179 Römer- 104
– Susanne 47178 Kaiser- 103
– Wilma 47179 Zille- 25
Lakes Frank 47229 Joseph-Haydn- 16
– Gisela 47198 Tannenhof 7
– Hermann 47198 Tannenhof 7
– Ute 47229 Joseph-Haydn- 16
Lakhal Nouradin 47053 Eigen- 77d
– Rkia 47053 Johanniter- 13
– Mladenko 47058 Duissern- 38
Lakmann Karl-Heinz
47198 Asberger- 60
Lakomy Alice 47228 Grüner Weg 78
– Marianne 47228 Grüner Weg 68
Lakoska Danica 47169 Hagedorn- 11
Lakoski Zivko 47169 Hagedorn- 11
Lakota Henryk 47053 Brücken- 97
Lakova Dirk 47179 Willy-Bartock- 20
– Ivan 47167 Albert-Einstein- 3
– Margot 47167 Albert-Einstein- 3
Lakowski Josefine 47226 Berthold- 19
Laksa Halina 47138 Wetzlarer- 33
– Robert 47138 Wetzlarer- 33
Laksander Peter 47226 Berta- 26
– Siegmund 47059 Weidenweg 61
Lakum Anna van
47053 Rheinhauser- 197
– Cornelia van
47059 Essenberger- 231
– Eleonore van
47139 Albrecht-Ebert- 336
– Elfriede van 47249 Krokus- 36
– Elli van 47139 Prinz-Heinrich- 3
– Gabriele van 47059 In der Rheinau 7
– Hannelore van 47059 Gallenz- 2
– Heinz van 47059 Diergardt- 8
– Helga van 47053 Dickelsbach- 12
– Helmut van 47053 Dickelsbach- 12
– Ingo van 47053 Paulus- 7
– Irmgard van 47179 Stern- 23
– Michael van 47059 Gablenz- 2
– Nadine van 47059 In der Rheinau 7
– Nicole van 47059 Paul-Rücker- 63
– Peter van 47059 In der Rheinau 7
– Peter van 47057 Rückerweg 47
– Ramona van 47053 Paulus- 7
– Ulrike van 47059 In der Rheinau 7
– Ursula van
47259 Bergmanweg 46
Lakum-Unger Helga van
47058 Hecken- 14
Lakum-Wagner Edeltraud van
47179 Dittfeld- 89
Lakus Birgit 47119 Rheinallee 17
– Jirka 47119 Rheinallee 17
– Klaus 47055 Wanheimer- 353
Lal Artur
47249 Düsseldorfer Land- 110
– Güldane 47137 Lösorter- 59
– Krystyna
47249 Düsseldorfer Land- 110
– Murat 47137 Lösorter- 59
– Mustafa 47137 Lösorter- 59
– Salim 47137 Lösorter- 59
– Sevinc 47139 Möllershof- 8
– Yavuz 47139 Möllershof- 8
Lala Arun 47055 Gallenkamp- 7
– Bettina 47199 Hermann-Löns- 5
– Christel 47051 Gallenkamp- 7
– Friedhelm 47199 Hermann-Löns- 5
– Inge 47199 Hermann-Löns- 5
– Naveena 47051 Gallenkamp- 7
Lalica Frane 47229 Adler- 84
Lalla Adolf 47279 Kurt-Heintze- 4
– Christel 47279 Am Brunnen 1
– Ilka 47279 Kurt-Heintze- 4
– Sabine 47279 Kurt-Heintze- 4
– Theda 47259 Schulz-Knaudt- 24
Lalli Volpe Maria 47178 Barbara- 21
Lalo 47053 Königgrätzer- 40
Lalou Abdul 47053 Königgrätzer- 40
– Muhammad 47053 Königgrätzer- 40
Lam Brenda 47137 Von-der-Mark- 34
– Siew 47179 Friedrich-Ebert- 79
Lamara Abdellaziz 47179 Ring- 15
– Bärbel 47179 Ring- 15
Lamatz Alfred 47167 Max-Planck- 42b
– Anneliese 47167 Max-Planck- 42b
– Dirk
47167 Walther-von-der-
Vogelwei 17
– Ellen 47169 Rosen- 70
– Friedel 47169 Rosen- 21
– Gabriele
47179 Am Kreyenbergshof 121
– Horst
47167 Walther-von-der-
Vogelwei 17
– Marco 47167 Max-Planck- 42b
– Markus 47167 Max-Planck- 42b
– Norbert 47167 Garten- 160
– Peter 47169 Roon- 35
– Roswitha
47167 Am Tellmannshof 21
– Sascha 47169 Pollerbruch- 16a
– Sandra 47167 Max-Planck- 42b
– Thomas 47167 Schlachthof- 58a
– Walter 47167 Max-Planck- 42b
– Waltraud
47167 Walther-von-der-
Vogelwei 17
Lamb Hans-Günter
47228 Grüner Weg 5
– Hanna 47226 Kiesberg- 34
– Iris 47228 Grüner Weg 5
– Karl 47226 Brahms- 44
Lambach Eva 47226 Hölderlin- 7
– Hannelore 47226 Hölderlin- 7
Lambart Andrea 47179 Planeten- 33
– Gisela 47179 Planeten- 33
– Marlies 47179 Planeten- 35
Lambeck Nicole
47178 Am Finkenplatz 4
Lamber Brigitte
47229 Am Buchenbusch 4
– Dieter 47239 Gleiwitzer- 11
– Gabriele 47228 Ufer- 7
– Hans-Gerd
47229 Am Buchenbusch 4
Firmen, Gewerbebetriebe usw. nach Namen – siehe gelber Teil	A-DU
